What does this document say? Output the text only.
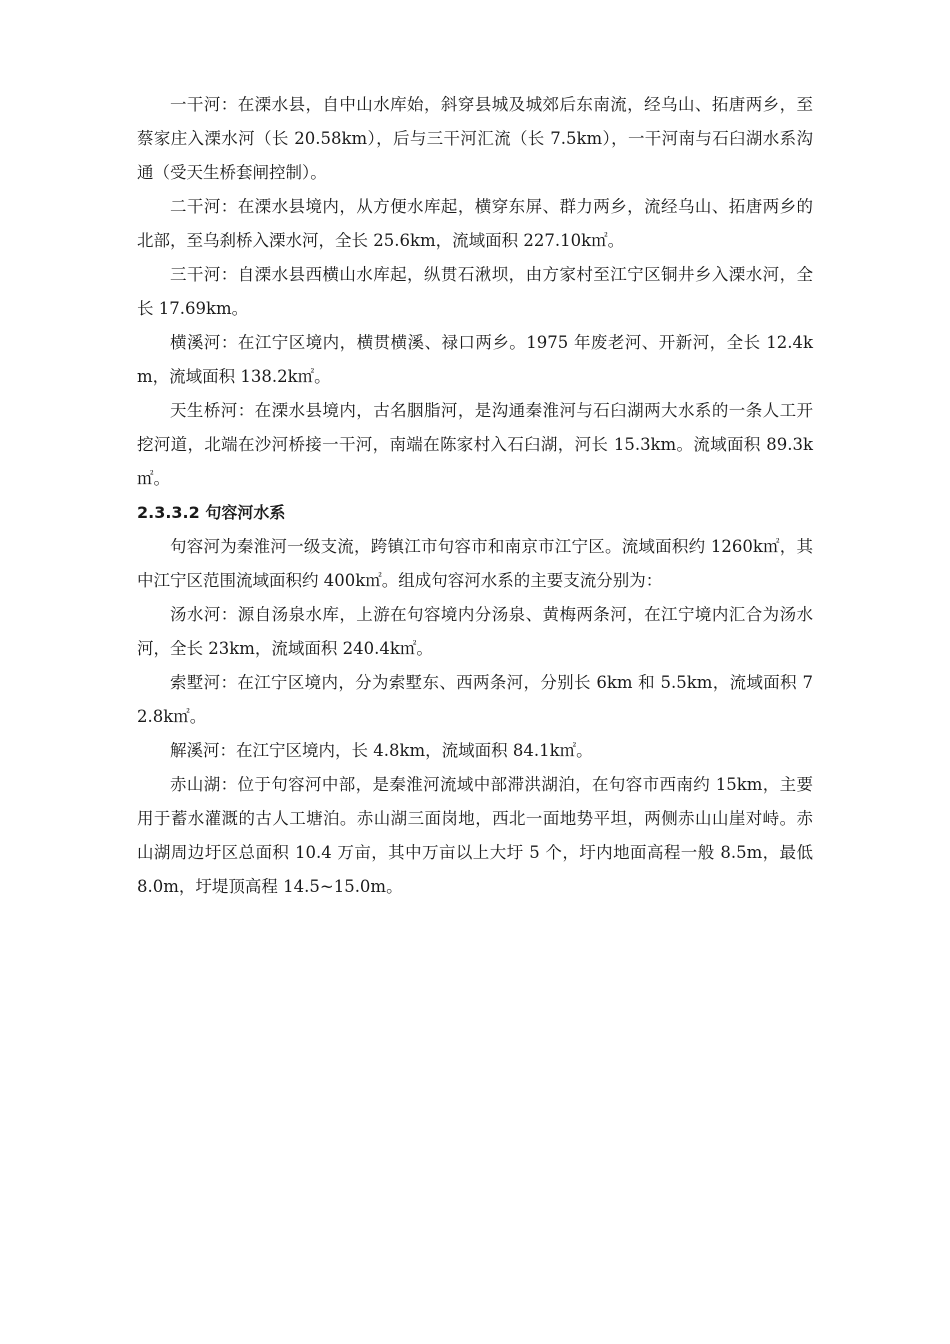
一干河：在溧水县，自中山水库始，斜穿县城及城郊后东南流，经乌山、拓唐两乡，至蔡家庄入溧水河（长 20.58km），后与三干河汇流（长 7.5km），一干河南与石臼湖水系沟通（受天生桥套闸控制）。

二干河：在溧水县境内，从方便水库起，横穿东屏、群力两乡，流经乌山、拓唐两乡的北部，至乌刹桥入溧水河，全长 25.6km，流域面积 227.10k㎡。

三干河：自溧水县西横山水库起，纵贯石湫坝，由方家村至江宁区铜井乡入溧水河，全长 17.69km。

横溪河：在江宁区境内，横贯横溪、禄口两乡。1975 年废老河、开新河，全长 12.4km，流域面积 138.2k㎡。

天生桥河：在溧水县境内，古名胭脂河，是沟通秦淮河与石臼湖两大水系的一条人工开挖河道，北端在沙河桥接一干河，南端在陈家村入石臼湖，河长 15.3km。流域面积 89.3k㎡。

2.3.3.2 句容河水系

句容河为秦淮河一级支流，跨镇江市句容市和南京市江宁区。流域面积约 1260k㎡，其中江宁区范围流域面积约 400k㎡。组成句容河水系的主要支流分别为：

汤水河：源自汤泉水库，上游在句容境内分汤泉、黄梅两条河，在江宁境内汇合为汤水河，全长 23km，流域面积 240.4k㎡。

索墅河：在江宁区境内，分为索墅东、西两条河，分别长 6km 和 5.5km，流域面积 72.8k㎡。

解溪河：在江宁区境内，长 4.8km，流域面积 84.1k㎡。

赤山湖：位于句容河中部，是秦淮河流域中部滞洪湖泊，在句容市西南约 15km，主要用于蓄水灌溉的古人工塘泊。赤山湖三面岗地，西北一面地势平坦，两侧赤山山崖对峙。赤山湖周边圩区总面积 10.4 万亩，其中万亩以上大圩 5 个，圩内地面高程一般 8.5m，最低 8.0m，圩堤顶高程 14.5~15.0m。
